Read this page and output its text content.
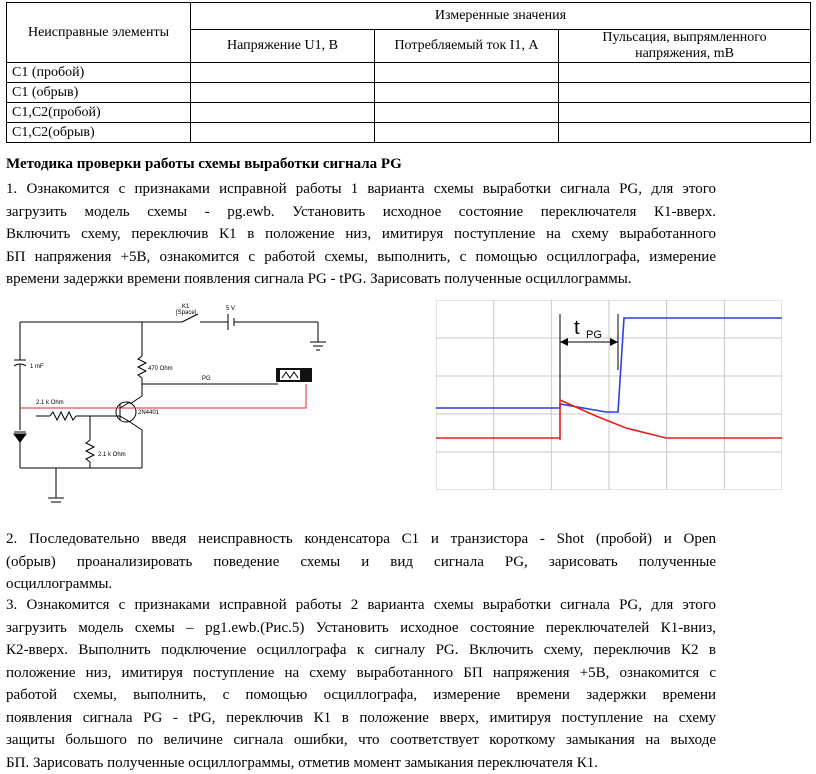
Неисправные элементы	Измеренные значения		
	Напряжение U1, В	Потребляемый ток I1, А	Пульсация, выпрямленного напряжения, mB
C1 (пробой)			
C1 (обрыв)			
C1,C2(пробой)			
C1,C2(обрыв)			
Методика проверки работы схемы выработки сигнала PG
1. Ознакомится с признаками исправной работы 1 варианта схемы выработки сигнала PG, для этого
загрузить модель схемы - pg.ewb. Установить исходное состояние переключателя К1-вверх.
Включить схему, переключив К1 в положение низ, имитируя поступление на схему выработанного
БП напряжения +5В, ознакомится с работой схемы, выполнить, с помощью осциллографа, измерение
времени задержки времени появления сигнала PG - tPG. Зарисовать полученные осциллограммы.
K1
[Space]
5 V
470 Ohm
1 mF
PG
2.1 k Ohm
2N4401
2.1 k Ohm
t PG
2. Последовательно введя неисправность конденсатора С1 и транзистора - Shot (пробой) и Open
(обрыв) проанализировать поведение схемы и вид сигнала PG, зарисовать полученные
осциллограммы.
3. Ознакомится с признаками исправной работы 2 варианта схемы выработки сигнала PG, для этого
загрузить модель схемы – pg1.ewb.(Рис.5) Установить исходное состояние переключателей К1-вниз,
К2-вверх. Выполнить подключение осциллографа к сигналу PG. Включить схему, переключив К2 в
положение низ, имитируя поступление на схему выработанного БП напряжения +5В, ознакомится с
работой схемы, выполнить, с помощью осциллографа, измерение времени задержки времени
появления сигнала PG - tPG, переключив К1 в положение вверх, имитируя поступление на схему
защиты большого по величине сигнала ошибки, что соответствует короткому замыкания на выходе
БП. Зарисовать полученные осциллограммы, отметив момент замыкания переключателя К1.
